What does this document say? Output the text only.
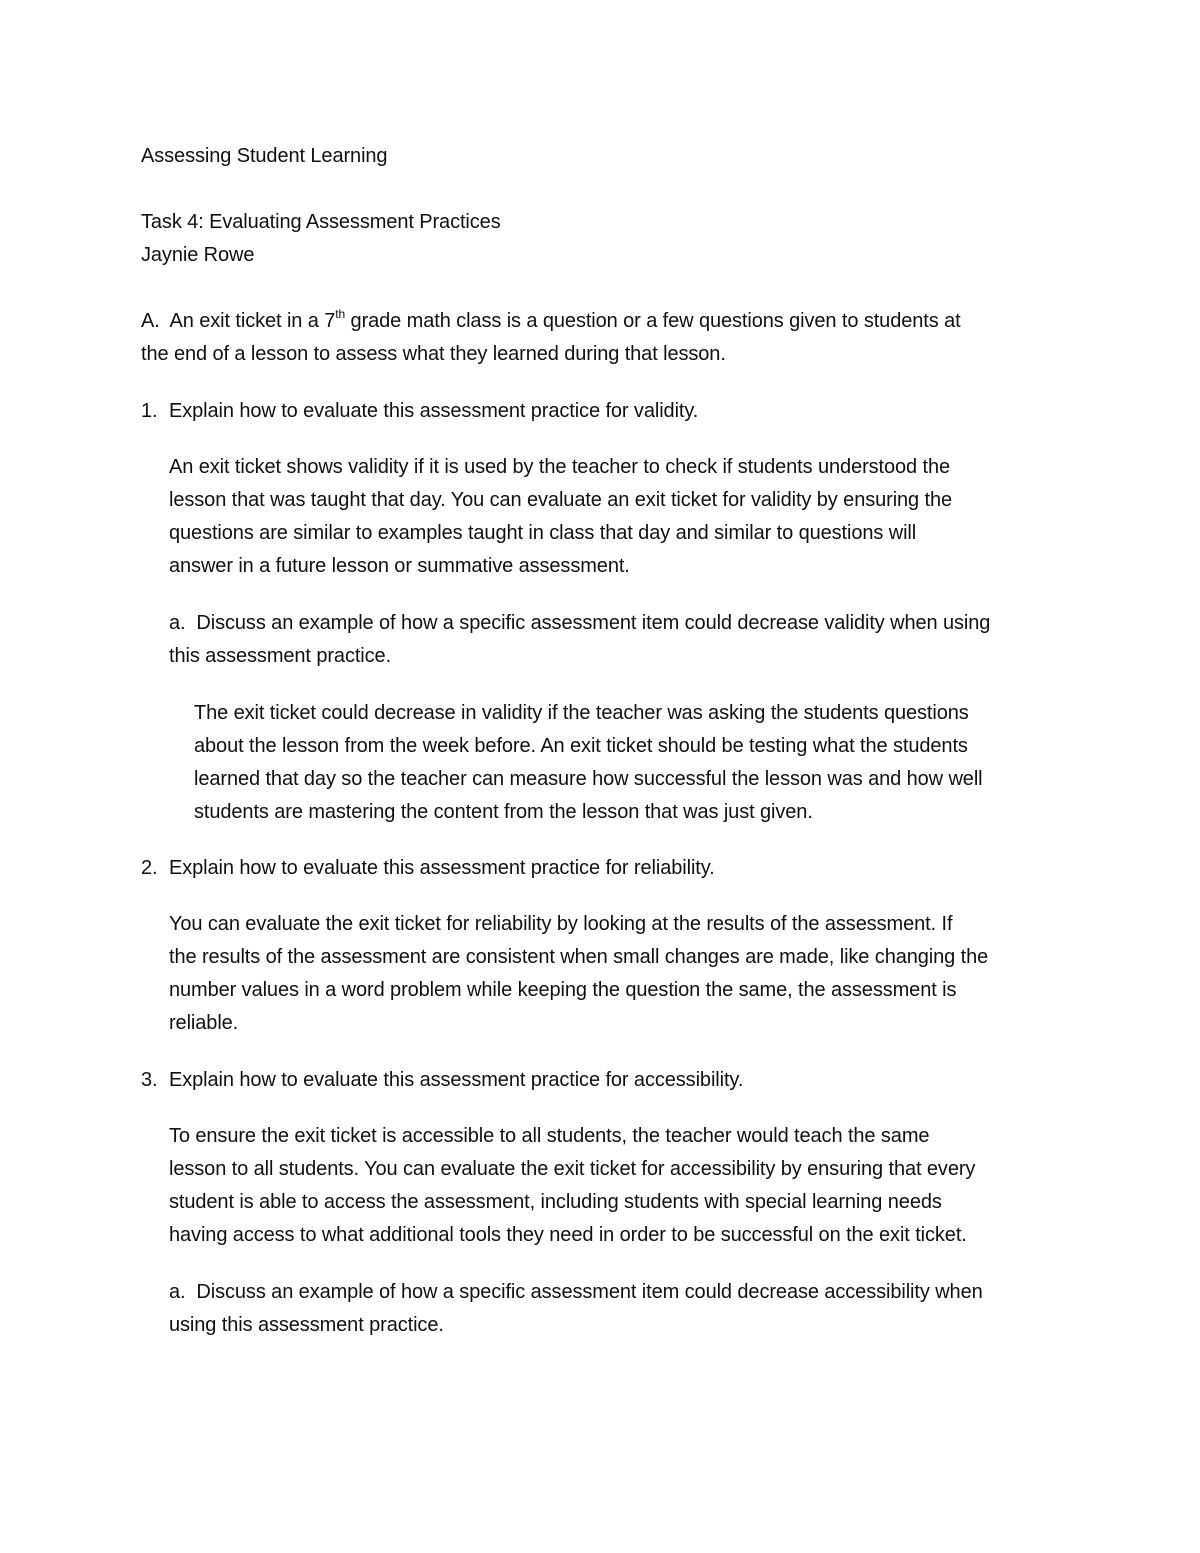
Assessing Student Learning
Task 4: Evaluating Assessment Practices
Jaynie Rowe
A. An exit ticket in a 7th grade math class is a question or a few questions given to students at
the end of a lesson to assess what they learned during that lesson.
1. Explain how to evaluate this assessment practice for validity.
An exit ticket shows validity if it is used by the teacher to check if students understood the
lesson that was taught that day. You can evaluate an exit ticket for validity by ensuring the
questions are similar to examples taught in class that day and similar to questions will
answer in a future lesson or summative assessment.
a. Discuss an example of how a specific assessment item could decrease validity when using
this assessment practice.
The exit ticket could decrease in validity if the teacher was asking the students questions
about the lesson from the week before. An exit ticket should be testing what the students
learned that day so the teacher can measure how successful the lesson was and how well
students are mastering the content from the lesson that was just given.
2. Explain how to evaluate this assessment practice for reliability.
You can evaluate the exit ticket for reliability by looking at the results of the assessment. If
the results of the assessment are consistent when small changes are made, like changing the
number values in a word problem while keeping the question the same, the assessment is
reliable.
3. Explain how to evaluate this assessment practice for accessibility.
To ensure the exit ticket is accessible to all students, the teacher would teach the same
lesson to all students. You can evaluate the exit ticket for accessibility by ensuring that every
student is able to access the assessment, including students with special learning needs
having access to what additional tools they need in order to be successful on the exit ticket.
a. Discuss an example of how a specific assessment item could decrease accessibility when
using this assessment practice.
